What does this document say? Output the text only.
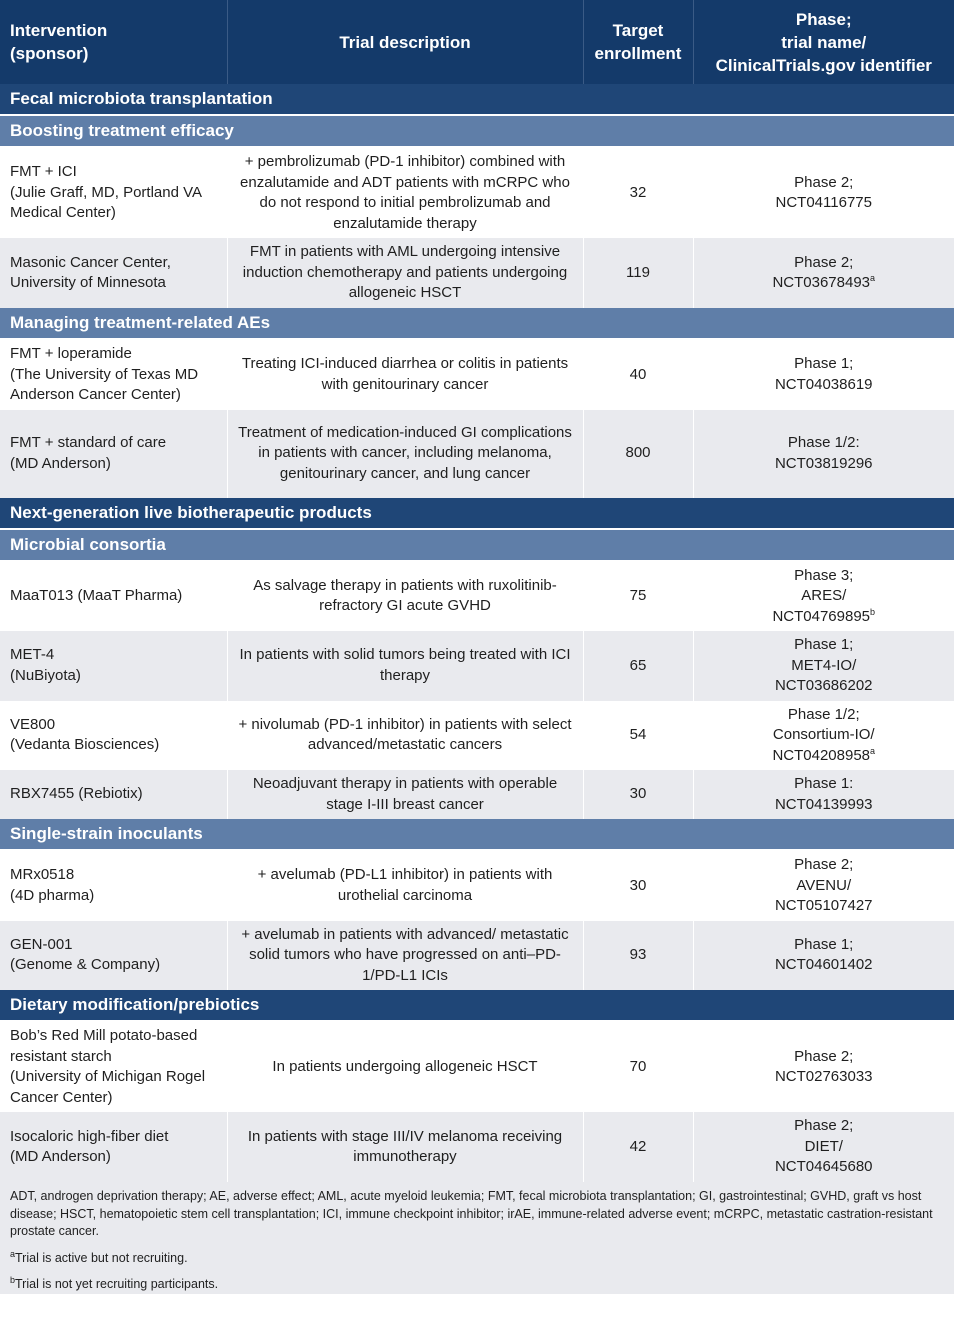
Intervention
(sponsor)	Trial description	Target
enrollment	Phase;
trial name/
ClinicalTrials.gov identifier
Fecal microbiota transplantation			
Boosting treatment efficacy			
FMT + ICI
(Julie Graff, MD, Portland VA
Medical Center)	+ pembrolizumab (PD-1 inhibitor) combined with enzalutamide and ADT patients with mCRPC who do not respond to initial pembrolizumab and enzalutamide therapy	32	Phase 2;
NCT04116775
Masonic Cancer Center,
University of Minnesota	FMT in patients with AML undergoing intensive induction chemotherapy and patients undergoing allogeneic HSCT	119	Phase 2;
NCT03678493$^a$
Managing treatment-related AEs			
FMT + loperamide
(The University of Texas MD
Anderson Cancer Center)	Treating ICI-induced diarrhea or colitis in patients with genitourinary cancer	40	Phase 1;
NCT04038619
FMT + standard of care
(MD Anderson)	Treatment of medication-induced GI complications in patients with cancer, including melanoma, genitourinary cancer, and lung cancer	800	Phase 1/2:
NCT03819296
Next-generation live biotherapeutic products			
Microbial consortia			
MaaT013 (MaaT Pharma)	As salvage therapy in patients with ruxolitinib-refractory GI acute GVHD	75	Phase 3;
ARES/
NCT04769895$^b$
MET-4
(NuBiyota)	In patients with solid tumors being treated with ICI therapy	65	Phase 1;
MET4-IO/
NCT03686202
VE800
(Vedanta Biosciences)	+ nivolumab (PD-1 inhibitor) in patients with select advanced/metastatic cancers	54	Phase 1/2;
Consortium-IO/
NCT04208958$^a$
RBX7455 (Rebiotix)	Neoadjuvant therapy in patients with operable stage I-III breast cancer	30	Phase 1:
NCT04139993
Single-strain inoculants			
MRx0518
(4D pharma)	+ avelumab (PD-L1 inhibitor) in patients with urothelial carcinoma	30	Phase 2;
AVENU/
NCT05107427
GEN-001
(Genome & Company)	+ avelumab in patients with advanced/ metastatic solid tumors who have progressed on anti–PD-1/PD-L1 ICIs	93	Phase 1;
NCT04601402
Dietary modification/prebiotics			
Bob’s Red Mill potato-based
resistant starch
(University of Michigan Rogel
Cancer Center)	In patients undergoing allogeneic HSCT	70	Phase 2;
NCT02763033
Isocaloric high-fiber diet
(MD Anderson)	In patients with stage III/IV melanoma receiving immunotherapy	42	Phase 2;
DIET/
NCT04645680

ADT, androgen deprivation therapy; AE, adverse effect; AML, acute myeloid leukemia; FMT, fecal microbiota transplantation; GI, gastrointestinal; GVHD, graft vs host disease; HSCT, hematopoietic stem cell transplantation; ICI, immune checkpoint inhibitor; irAE, immune-related adverse event; mCRPC, metastatic castration-resistant prostate cancer.

$^a$Trial is active but not recruiting.

$^b$Trial is not yet recruiting participants.
